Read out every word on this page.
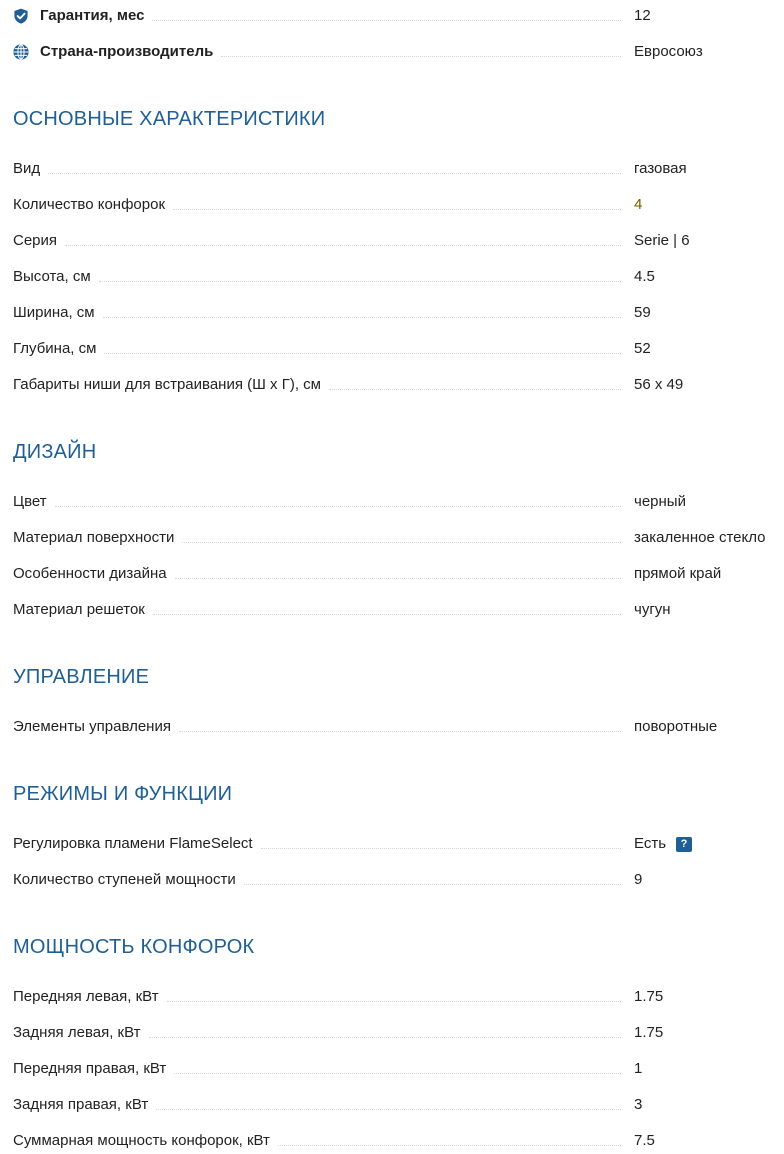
Гарантия, мес	12
Страна-производитель	Евросоюз
ОСНОВНЫЕ ХАРАКТЕРИСТИКИ
Вид	газовая
Количество конфорок	4
Серия	Serie | 6
Высота, см	4.5
Ширина, см	59
Глубина, см	52
Габариты ниши для встраивания (Ш х Г), см	56 х 49
ДИЗАЙН
Цвет	черный
Материал поверхности	закаленное стекло
Особенности дизайна	прямой край
Материал решеток	чугун
УПРАВЛЕНИЕ
Элементы управления	поворотные
РЕЖИМЫ И ФУНКЦИИ
Регулировка пламени FlameSelect	Есть ?
Количество ступеней мощности	9
МОЩНОСТЬ КОНФОРОК
Передняя левая, кВт	1.75
Задняя левая, кВт	1.75
Передняя правая, кВт	1
Задняя правая, кВт	3
Суммарная мощность конфорок, кВт	7.5
